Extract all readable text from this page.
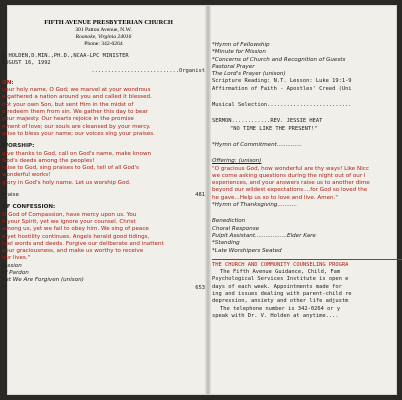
FIFTH AVENUE PRESBYTERIAN CHURCH
301 Patton Avenue, N.W.
Roanoke, Virginia 24016
Phone: 342-0264
E HOLDEN,D.MIN.,PH.D.,NCAA-LPC MINISTER
AUGUST 16, 1992
...........................Organist
ON:
your holy name, O God; we marvel at your wondrous
e gathered a nation around you and called it blessed.
not your own Son, but sent Him in the midst of
o redeem them from sin. We gather this day to bear
your majesty. Our hearts rejoice in the promise
ement of love; our souls are cleansed by your mercy.
arise to bless your name; our voices sing your praises.
WORSHIP:
give thanks to God, call on God's name, make known
God's deeds among the peoples!
raise to God, sing praises to God, tell of all God's
wonderful works!
glory in God's holy name. Let us worship God.
Praise	481
OF CONFESSION:
O God of Compassion, have mercy upon us. You
h your Spirit, yet we ignore your counsel. Christ
among us, yet we fail to obey him. We sing of peace
e yet hostility continues. Angels herald good tidings,
ruel words and deeds. Forgive our deliberate and inattent
your graciousness, and make us worthy to receive
our lives."
fession
of Pardon
rist We Are Forgiven (unison)
rt	653
*Hymn of Fellowship
*Minute for Mission
*Concerns of Church and Recognition of Guests
Pastoral Prayer
The Lord's Prayer (unison)
Scripture Reading: N.T. Lesson: Luke 19:1-9
Affirmation of Faith - Apostles' Creed (Uni
Musical Selection..........................
SERMON............REV. JESSIE HEAT
"NO TIME LIKE THE PRESENT!"
*Hymn of Commitment..............
Offering: (unison)
"O gracious God, how wonderful are thy ways! Like Nicc
we come asking questions during the night out of our l
experiences, and your answers raise us to another dime
beyond our wildest expectations....for God so loved the
he gave...Help us so to love and live. Amen."
*Hymn of Thanksgiving...........
Benediction
Choral Response
Pulpit Assistant..................Elder Kare
*Standing
*Late Worshipers Seated
THE CHURCH AND COMMUNITY COUNSELING PROGRA
The Fifth Avenue Guidance, Child, Fam
Psychological Services Institute is open e
days of each week. Appointments made for
ing and issues dealing with parent-child re
depression, anxiety and other life adjustm
The telephone number is 342-0264 or y
speak with Dr. V. Holden at anytime....
